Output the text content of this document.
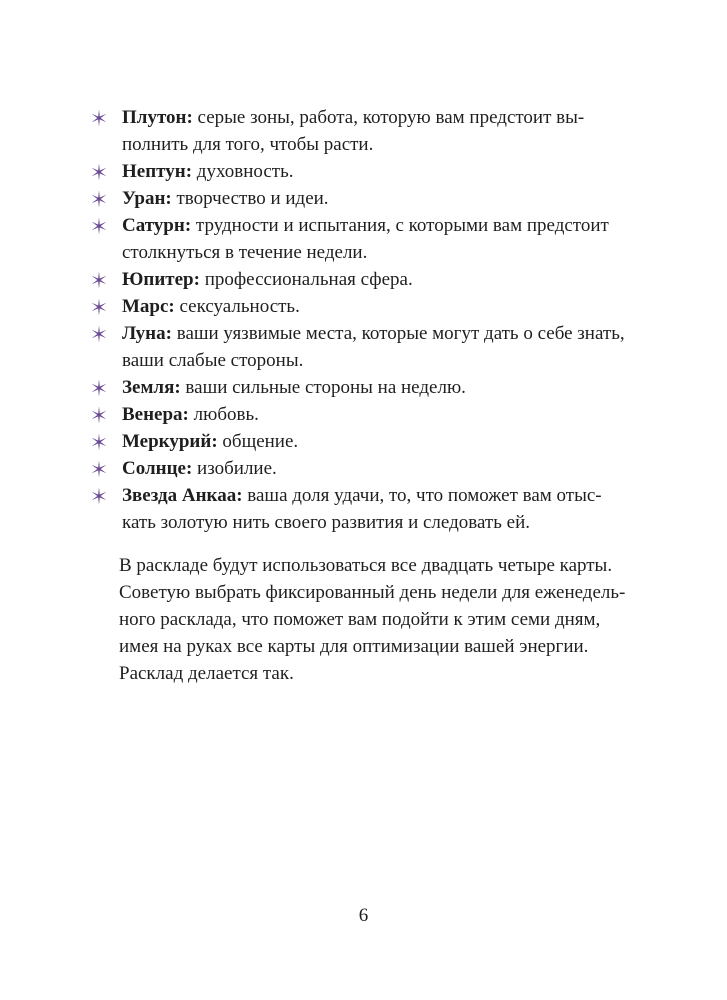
Плутон: серые зоны, работа, которую вам предстоит вы-
полнить для того, чтобы расти.
Нептун: духовность.
Уран: творчество и идеи.
Сатурн: трудности и испытания, с которыми вам предстоит
столкнуться в течение недели.
Юпитер: профессиональная сфера.
Марс: сексуальность.
Луна: ваши уязвимые места, которые могут дать о себе знать,
ваши слабые стороны.
Земля: ваши сильные стороны на неделю.
Венера: любовь.
Меркурий: общение.
Солнце: изобилие.
Звезда Анкаа: ваша доля удачи, то, что поможет вам отыс-
кать золотую нить своего развития и следовать ей.

В раскладе будут использоваться все двадцать четыре карты.
Советую выбрать фиксированный день недели для еженедель-
ного расклада, что поможет вам подойти к этим семи дням,
имея на руках все карты для оптимизации вашей энергии.
Расклад делается так.

6
